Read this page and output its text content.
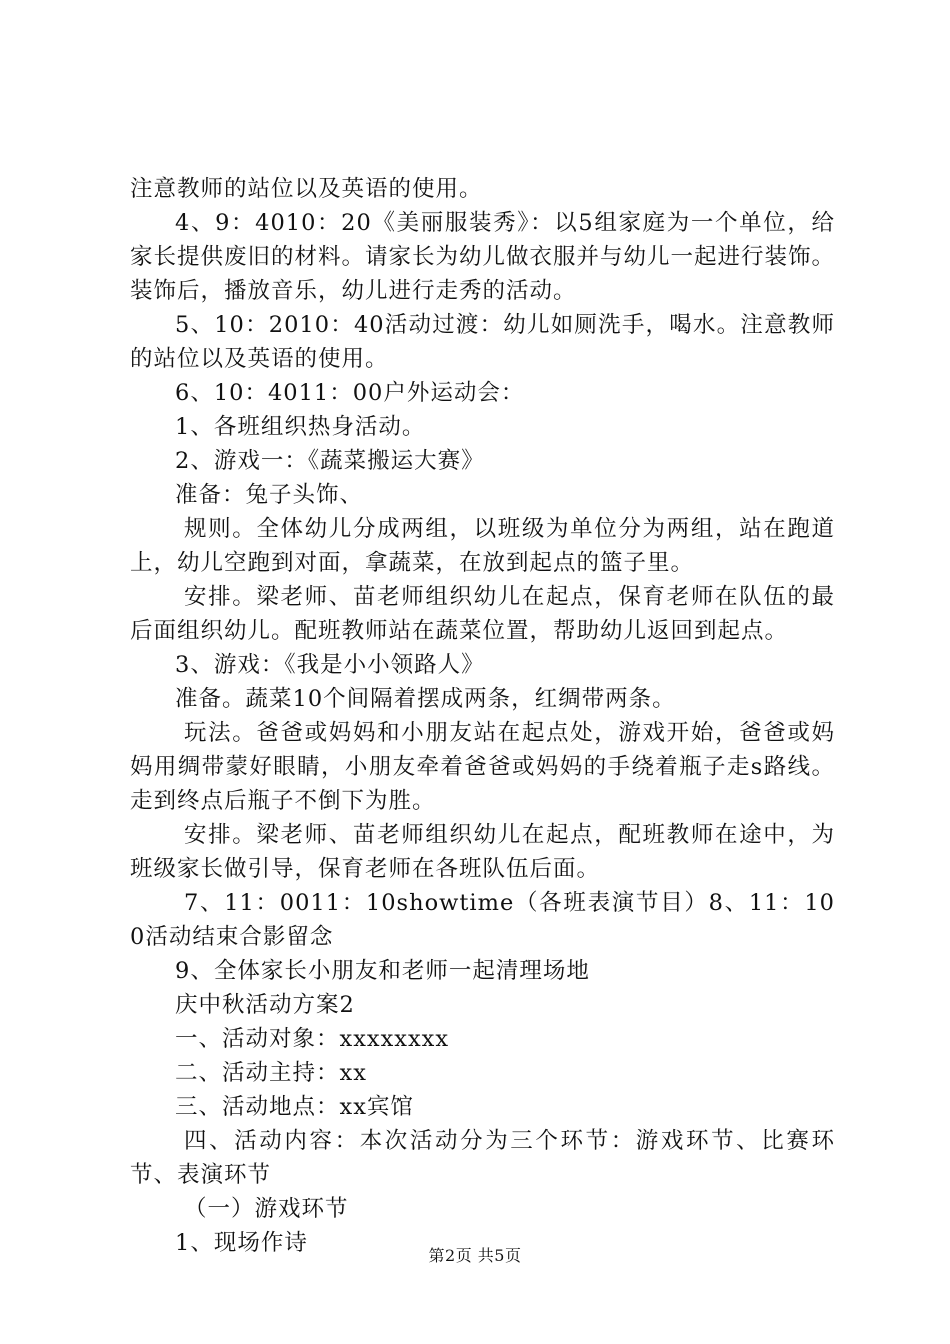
注意教师的站位以及英语的使用。

4、9：4010：20《美丽服装秀》：以5组家庭为一个单位，给家长提供废旧的材料。请家长为幼儿做衣服并与幼儿一起进行装饰。装饰后，播放音乐，幼儿进行走秀的活动。

5、10：2010：40活动过渡：幼儿如厕洗手，喝水。注意教师的站位以及英语的使用。

6、10：4011：00户外运动会：

1、各班组织热身活动。

2、游戏一：《蔬菜搬运大赛》

准备：兔子头饰、

规则。全体幼儿分成两组，以班级为单位分为两组，站在跑道上，幼儿空跑到对面，拿蔬菜，在放到起点的篮子里。

安排。梁老师、苗老师组织幼儿在起点，保育老师在队伍的最后面组织幼儿。配班教师站在蔬菜位置，帮助幼儿返回到起点。

3、游戏：《我是小小领路人》

准备。蔬菜10个间隔着摆成两条，红绸带两条。

玩法。爸爸或妈妈和小朋友站在起点处，游戏开始，爸爸或妈妈用绸带蒙好眼睛，小朋友牵着爸爸或妈妈的手绕着瓶子走s路线。走到终点后瓶子不倒下为胜。

安排。梁老师、苗老师组织幼儿在起点，配班教师在途中，为班级家长做引导，保育老师在各班队伍后面。

7、11：0011：10showtime（各班表演节目）8、11：100活动结束合影留念

9、全体家长小朋友和老师一起清理场地

庆中秋活动方案2

一、活动对象：xxxxxxxx

二、活动主持：xx

三、活动地点：xx宾馆

四、活动内容：本次活动分为三个环节：游戏环节、比赛环节、表演环节

（一）游戏环节

1、现场作诗	第2页 共5页
